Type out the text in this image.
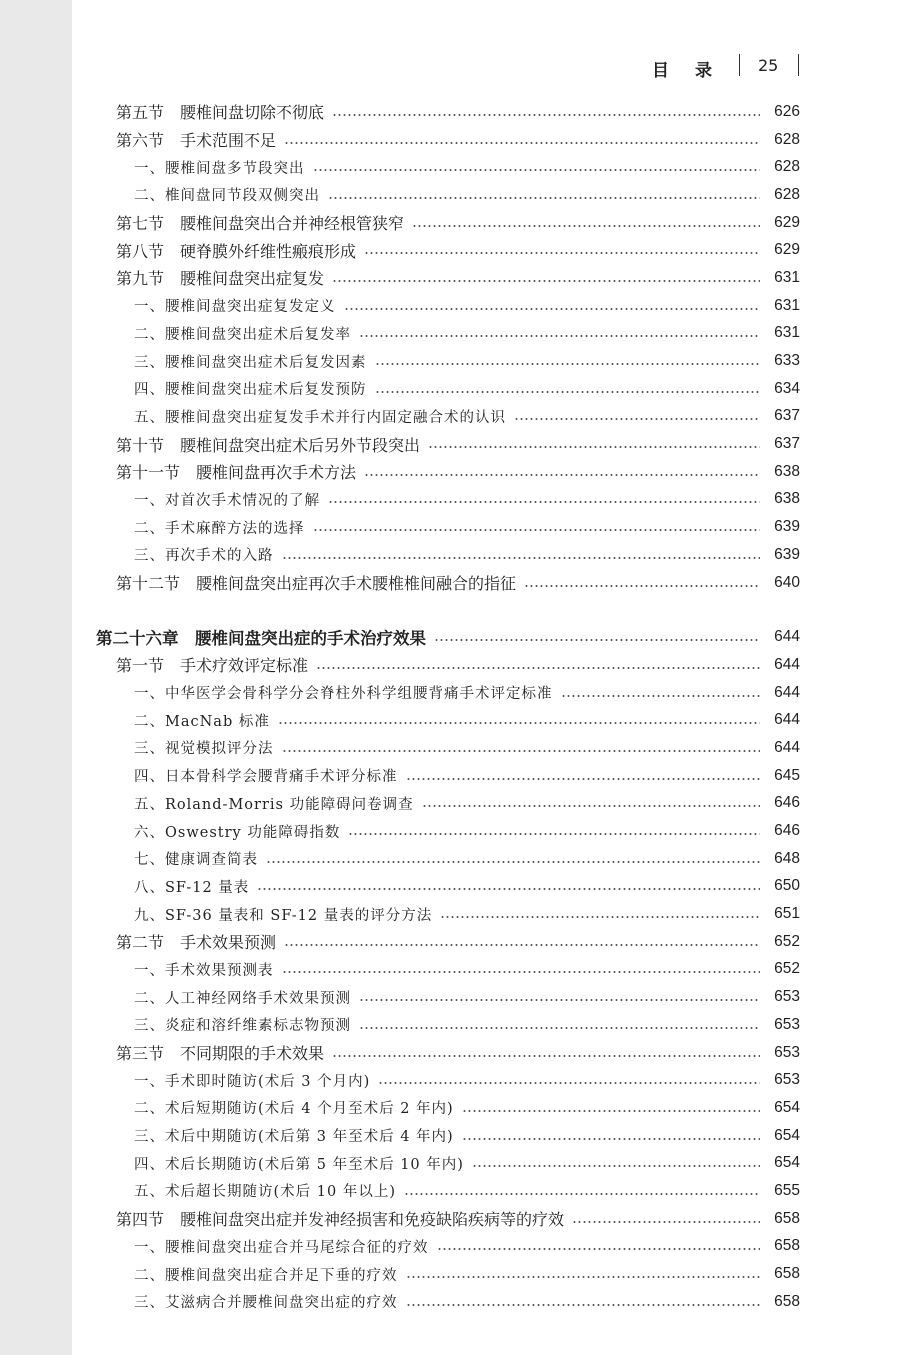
目录 25
第五节　腰椎间盘切除不彻底	626
第六节　手术范围不足	628
一、腰椎间盘多节段突出	628
二、椎间盘同节段双侧突出	628
第七节　腰椎间盘突出合并神经根管狭窄	629
第八节　硬脊膜外纤维性瘢痕形成	629
第九节　腰椎间盘突出症复发	631
一、腰椎间盘突出症复发定义	631
二、腰椎间盘突出症术后复发率	631
三、腰椎间盘突出症术后复发因素	633
四、腰椎间盘突出症术后复发预防	634
五、腰椎间盘突出症复发手术并行内固定融合术的认识	637
第十节　腰椎间盘突出症术后另外节段突出	637
第十一节　腰椎间盘再次手术方法	638
一、对首次手术情况的了解	638
二、手术麻醉方法的选择	639
三、再次手术的入路	639
第十二节　腰椎间盘突出症再次手术腰椎椎间融合的指征	640
第二十六章　腰椎间盘突出症的手术治疗效果	644
第一节　手术疗效评定标准	644
一、中华医学会骨科学分会脊柱外科学组腰背痛手术评定标准	644
二、MacNab 标准	644
三、视觉模拟评分法	644
四、日本骨科学会腰背痛手术评分标准	645
五、Roland-Morris 功能障碍问卷调查	646
六、Oswestry 功能障碍指数	646
七、健康调查简表	648
八、SF-12 量表	650
九、SF-36 量表和 SF-12 量表的评分方法	651
第二节　手术效果预测	652
一、手术效果预测表	652
二、人工神经网络手术效果预测	653
三、炎症和溶纤维素标志物预测	653
第三节　不同期限的手术效果	653
一、手术即时随访(术后 3 个月内)	653
二、术后短期随访(术后 4 个月至术后 2 年内)	654
三、术后中期随访(术后第 3 年至术后 4 年内)	654
四、术后长期随访(术后第 5 年至术后 10 年内)	654
五、术后超长期随访(术后 10 年以上)	655
第四节　腰椎间盘突出症并发神经损害和免疫缺陷疾病等的疗效	658
一、腰椎间盘突出症合并马尾综合征的疗效	658
二、腰椎间盘突出症合并足下垂的疗效	658
三、艾滋病合并腰椎间盘突出症的疗效	658
